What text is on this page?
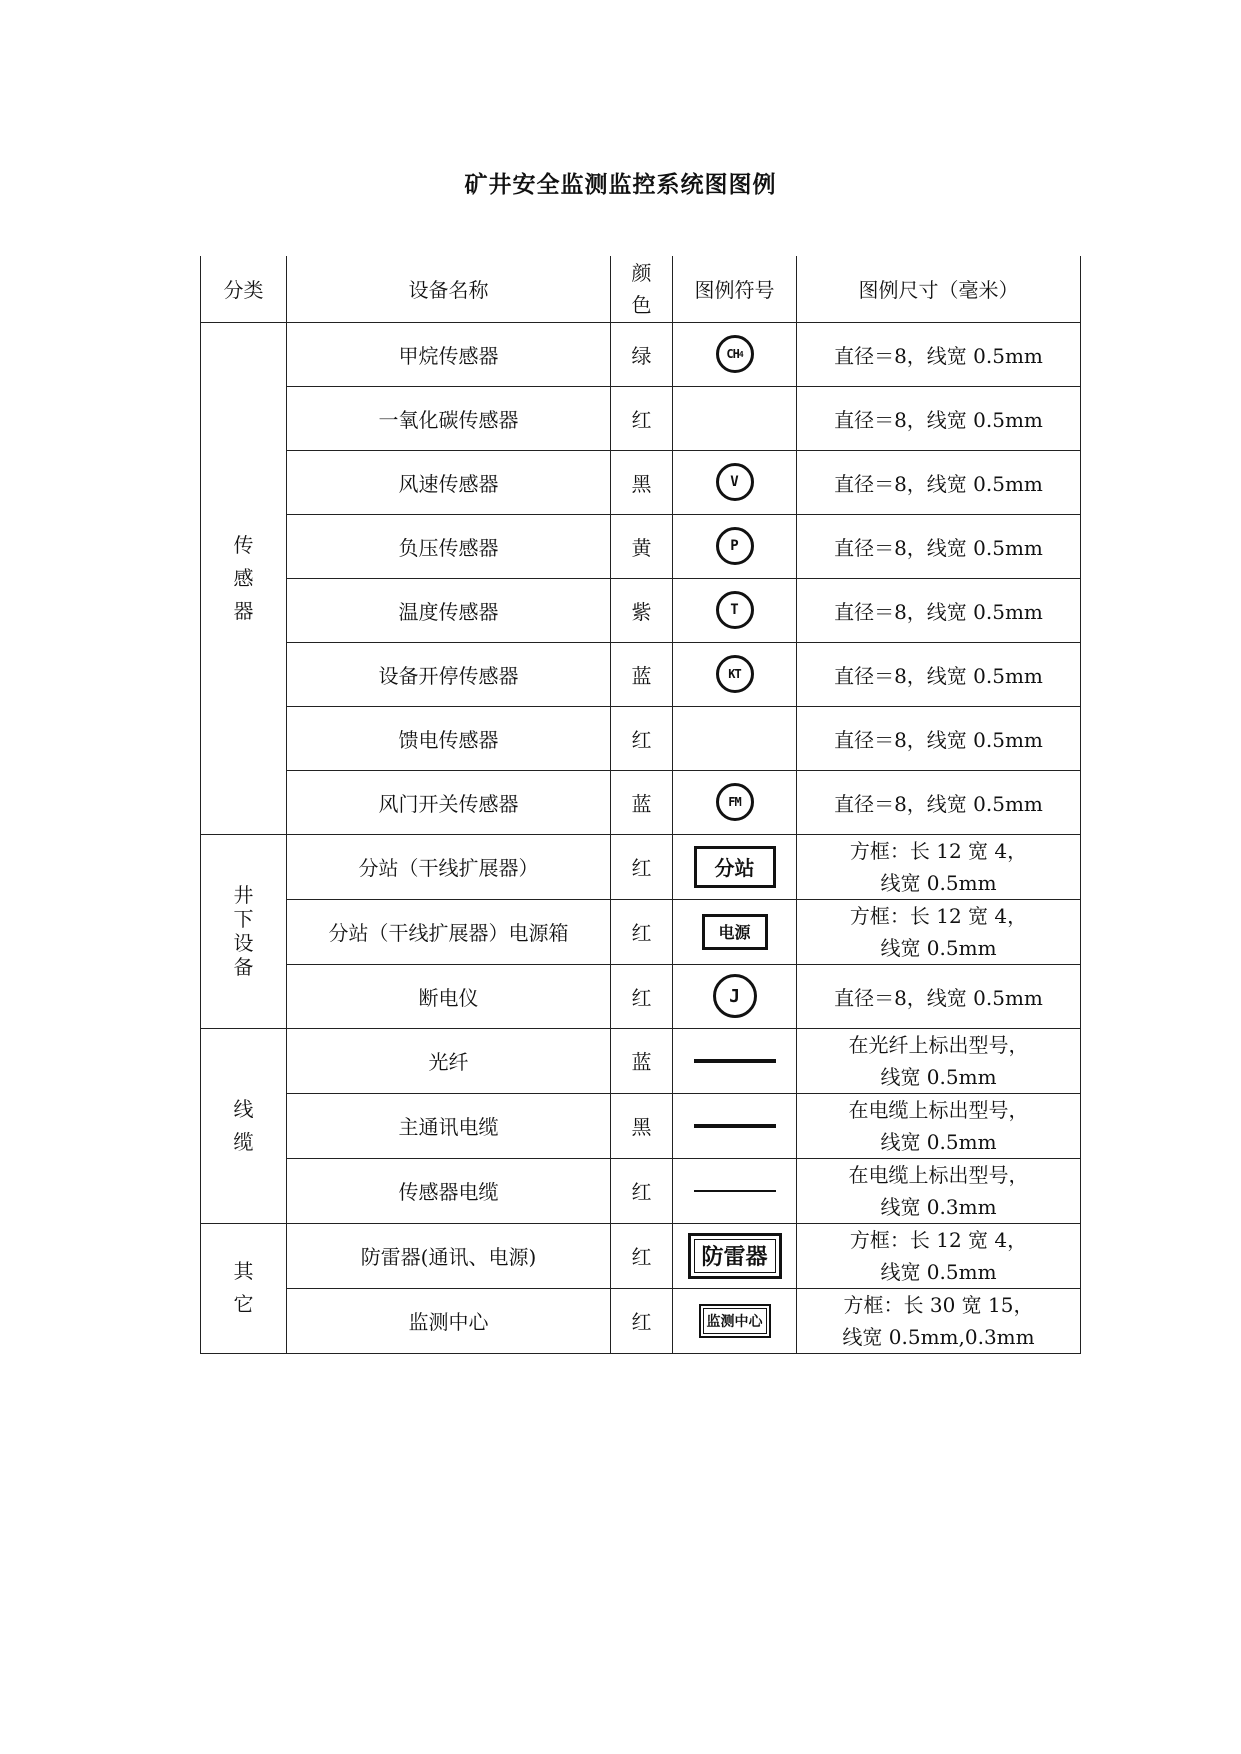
矿井安全监测监控系统图图例
分类	设备名称	颜色	图例符号	图例尺寸（毫米）

传感器	甲烷传感器	绿	CH 4	直径＝8，线宽 0.5mm
	一氧化碳传感器	红		直径＝8，线宽 0.5mm
	风速传感器	黑	V	直径＝8，线宽 0.5mm
	负压传感器	黄	P	直径＝8，线宽 0.5mm
	温度传感器	紫	T	直径＝8，线宽 0.5mm
	设备开停传感器	蓝	KT	直径＝8，线宽 0.5mm
	馈电传感器	红		直径＝8，线宽 0.5mm
	风门开关传感器	蓝	FM	直径＝8，线宽 0.5mm

井下设备	分站（干线扩展器）	红	分站	方框：长 12 宽 4，
线宽 0.5mm

	分站（干线扩展器）电源箱	红	电源	方框：长 12 宽 4，
线宽 0.5mm

	断电仪	红	J	直径＝8，线宽 0.5mm

线缆	光纤	蓝		在光纤上标出型号，
线宽 0.5mm

	主通讯电缆	黑		在电缆上标出型号，
线宽 0.5mm

	传感器电缆	红		在电缆上标出型号，
线宽 0.3mm

其它	防雷器(通讯、电源)	红	防雷器	方框：长 12 宽 4，
线宽 0.5mm

	监测中心	红	监测中心	方框：长 30 宽 15，
线宽 0.5mm,0.3mm
